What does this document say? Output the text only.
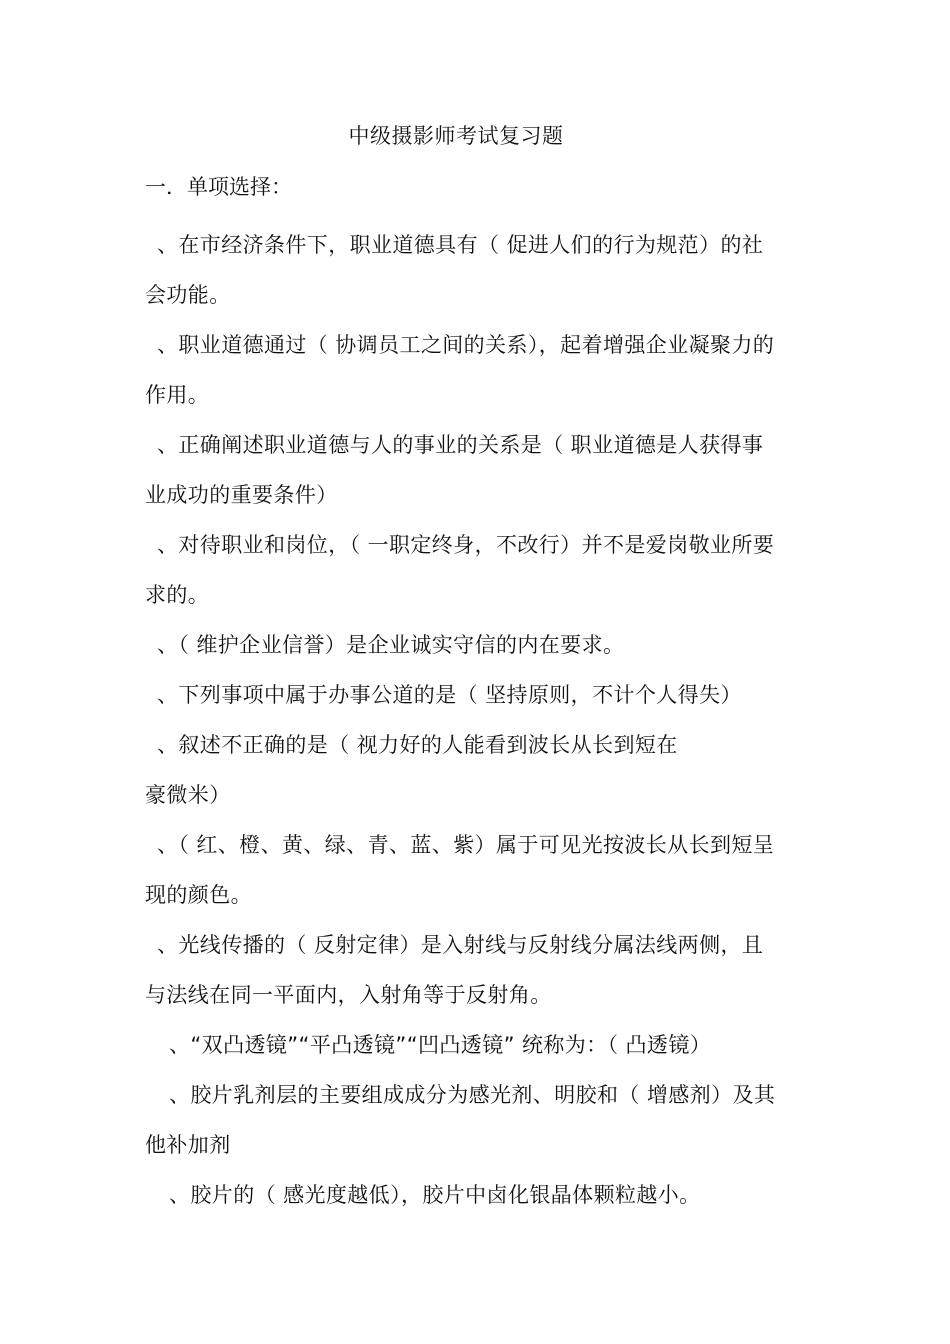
中级摄影师考试复习题
一．单项选择：
、在市经济条件下，职业道德具有（ 促进人们的行为规范）的社
会功能。
、职业道德通过（ 协调员工之间的关系），起着增强企业凝聚力的
作用。
、正确阐述职业道德与人的事业的关系是（ 职业道德是人获得事
业成功的重要条件）
、对待职业和岗位，（ 一职定终身，不改行）并不是爱岗敬业所要
求的。
、（ 维护企业信誉）是企业诚实守信的内在要求。
、下列事项中属于办事公道的是（ 坚持原则，不计个人得失）
、叙述不正确的是（ 视力好的人能看到波长从长到短在
豪微米）
、（ 红、橙、黄、绿、青、蓝、紫）属于可见光按波长从长到短呈
现的颜色。
、光线传播的（ 反射定律）是入射线与反射线分属法线两侧，且
与法线在同一平面内，入射角等于反射角。
、“双凸透镜”“平凸透镜”“凹凸透镜” 统称为：（ 凸透镜）
、胶片乳剂层的主要组成成分为感光剂、明胶和（ 增感剂）及其
他补加剂
、胶片的（ 感光度越低），胶片中卤化银晶体颗粒越小。
